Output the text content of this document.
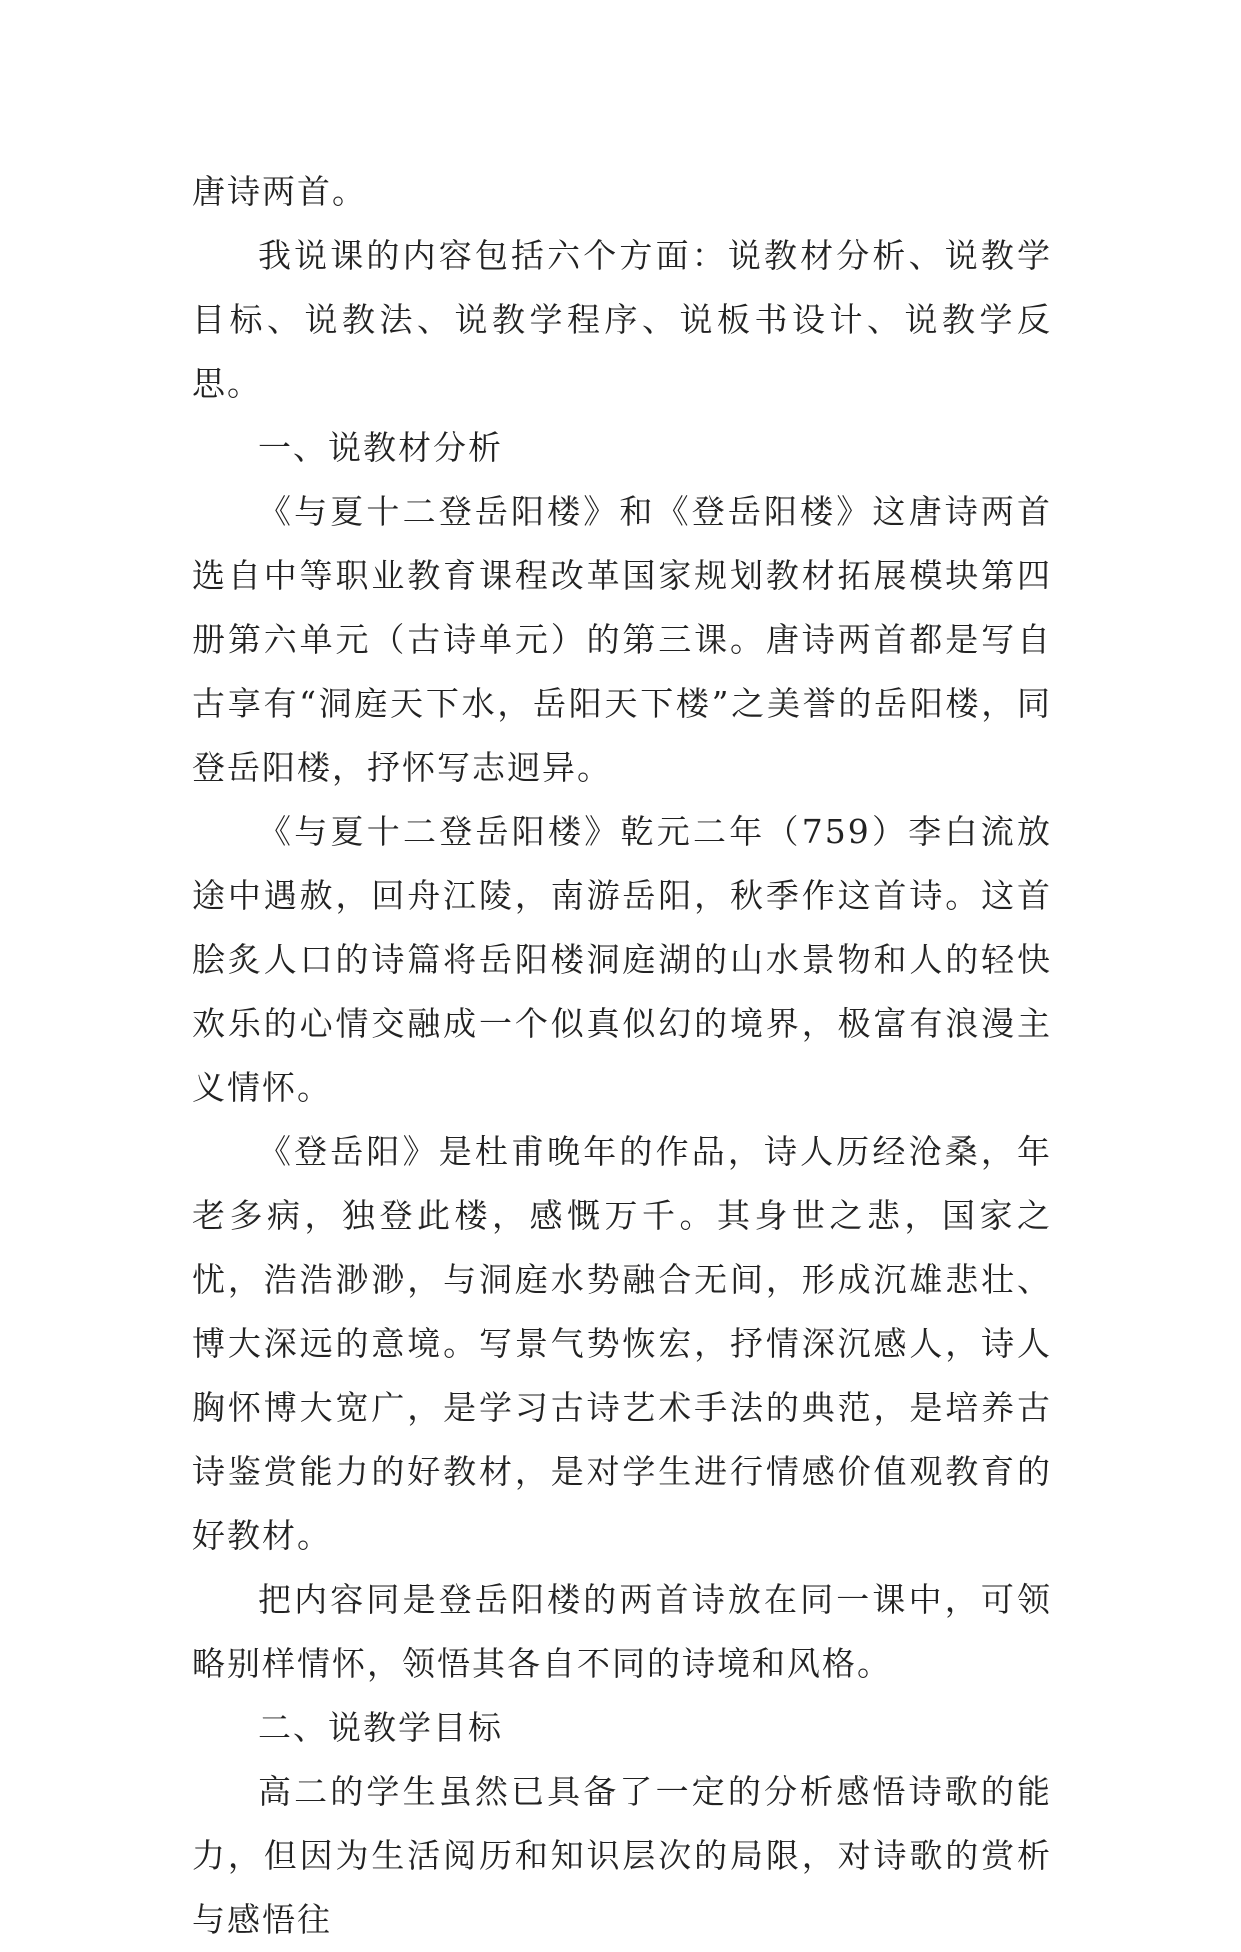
唐诗两首。

我说课的内容包括六个方面：说教材分析、说教学目标、说教法、说教学程序、说板书设计、说教学反思。

一、说教材分析

《与夏十二登岳阳楼》和《登岳阳楼》这唐诗两首选自中等职业教育课程改革国家规划教材拓展模块第四册第六单元（古诗单元）的第三课。唐诗两首都是写自古享有“洞庭天下水，岳阳天下楼”之美誉的岳阳楼，同登岳阳楼，抒怀写志迥异。

《与夏十二登岳阳楼》乾元二年（759）李白流放途中遇赦，回舟江陵，南游岳阳，秋季作这首诗。这首脍炙人口的诗篇将岳阳楼洞庭湖的山水景物和人的轻快欢乐的心情交融成一个似真似幻的境界，极富有浪漫主义情怀。

《登岳阳》是杜甫晚年的作品，诗人历经沧桑，年老多病，独登此楼，感慨万千。其身世之悲，国家之忧，浩浩渺渺，与洞庭水势融合无间，形成沉雄悲壮、博大深远的意境。写景气势恢宏，抒情深沉感人，诗人胸怀博大宽广，是学习古诗艺术手法的典范，是培养古诗鉴赏能力的好教材，是对学生进行情感价值观教育的好教材。

把内容同是登岳阳楼的两首诗放在同一课中，可领略别样情怀，领悟其各自不同的诗境和风格。

二、说教学目标

高二的学生虽然已具备了一定的分析感悟诗歌的能力，但因为生活阅历和知识层次的局限，对诗歌的赏析与感悟往
